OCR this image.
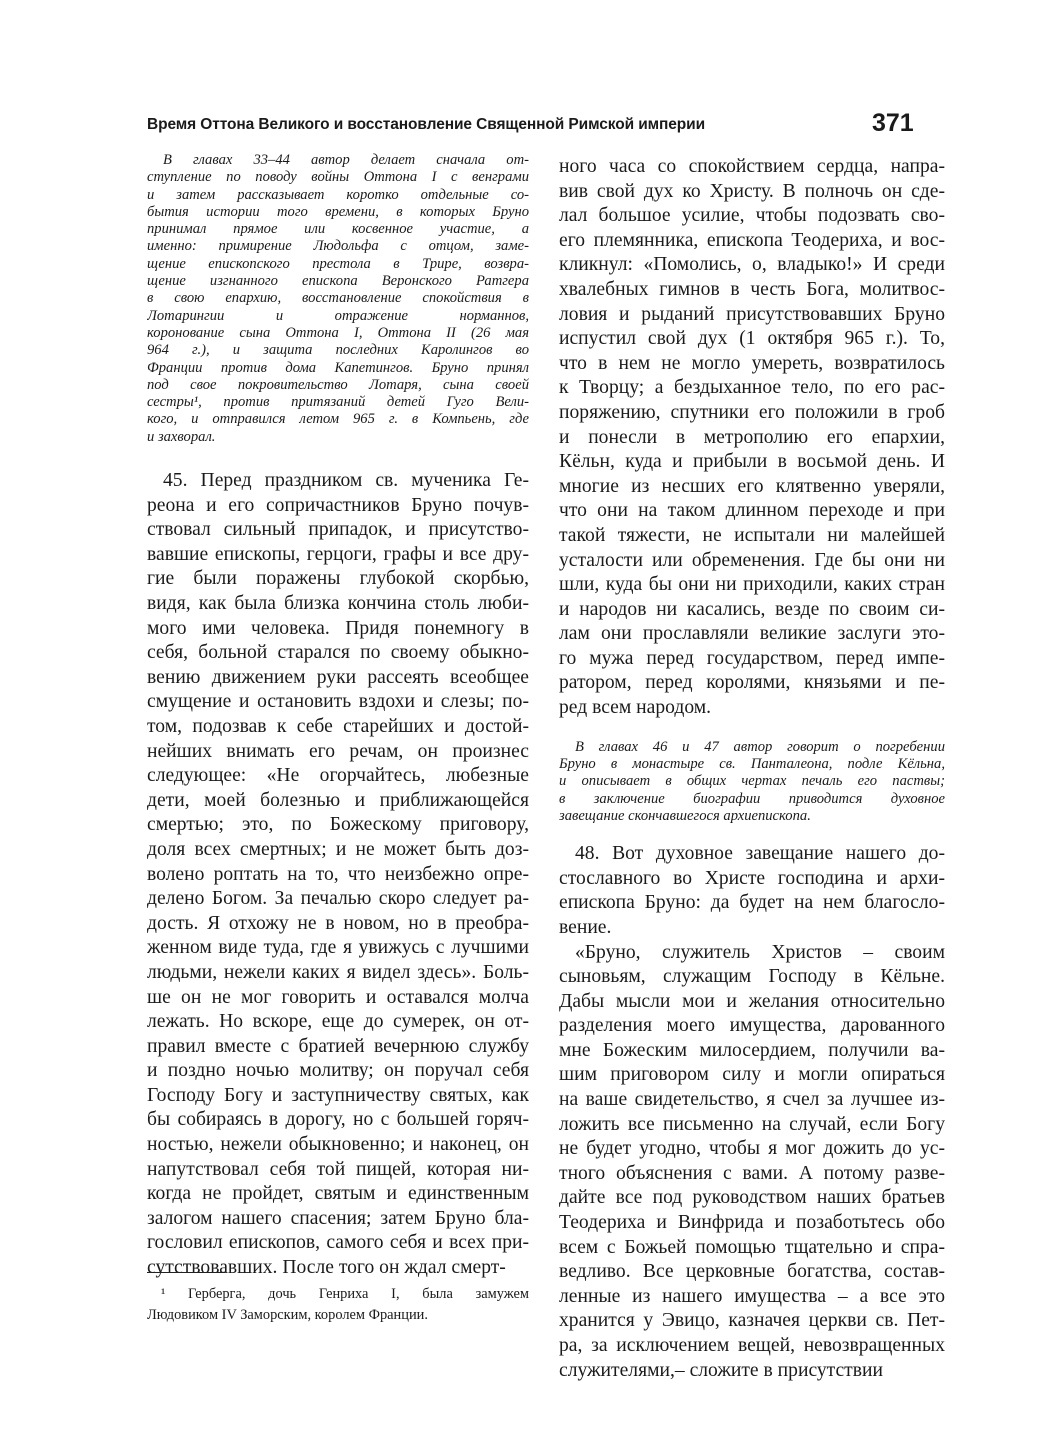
Время Оттона Великого и восстановление Священной Римской империи	371
В главах 33–44 автор делает сначала от-
ступление по поводу войны Оттона I с венграми
и затем рассказывает коротко отдельные со-
бытия истории того времени, в которых Бруно
принимал прямое или косвенное участие, а
именно: примирение Людольфа с отцом, заме-
щение епископского престола в Трире, возвра-
щение изгнанного епископа Веронского Ратгера
в свою епархию, восстановление спокойствия в
Лотарингии и отражение норманнов,
коронование сына Оттона I, Оттона II (26 мая
964 г.), и защита последних Каролингов во
Франции против дома Капетингов. Бруно принял
под свое покровительство Лотаря, сына своей
сестры¹, против притязаний детей Гуго Вели-
кого, и отправился летом 965 г. в Компьень, где
и захворал.
45. Перед праздником св. мученика Ге-
реона и его сопричастников Бруно почув-
ствовал сильный припадок, и присутство-
вавшие епископы, герцоги, графы и все дру-
гие были поражены глубокой скорбью,
видя, как была близка кончина столь люби-
мого ими человека. Придя понемногу в
себя, больной старался по своему обыкно-
вению движением руки рассеять всеобщее
смущение и остановить вздохи и слезы; по-
том, подозвав к себе старейших и достой-
нейших внимать его речам, он произнес
следующее: «Не огорчайтесь, любезные
дети, моей болезнью и приближающейся
смертью; это, по Божескому приговору,
доля всех смертных; и не может быть доз-
волено роптать на то, что неизбежно опре-
делено Богом. За печалью скоро следует ра-
дость. Я отхожу не в новом, но в преобра-
женном виде туда, где я увижусь с лучшими
людьми, нежели каких я видел здесь». Боль-
ше он не мог говорить и оставался молча
лежать. Но вскоре, еще до сумерек, он от-
правил вместе с братией вечернюю службу
и поздно ночью молитву; он поручал себя
Господу Богу и заступничеству святых, как
бы собираясь в дорогу, но с большей горяч-
ностью, нежели обыкновенно; и наконец, он
напутствовал себя той пищей, которая ни-
когда не пройдет, святым и единственным
залогом нашего спасения; затем Бруно бла-
гословил епископов, самого себя и всех при-
сутствовавших. После того он ждал смерт-
ного часа со спокойствием сердца, напра-
вив свой дух ко Христу. В полночь он сде-
лал большое усилие, чтобы подозвать сво-
его племянника, епископа Теодериха, и вос-
кликнул: «Помолись, о, владыко!» И среди
хвалебных гимнов в честь Бога, молитвос-
ловия и рыданий присутствовавших Бруно
испустил свой дух (1 октября 965 г.). То,
что в нем не могло умереть, возвратилось
к Творцу; а бездыханное тело, по его рас-
поряжению, спутники его положили в гроб
и понесли в метрополию его епархии,
Кёльн, куда и прибыли в восьмой день. И
многие из несших его клятвенно уверяли,
что они на таком длинном переходе и при
такой тяжести, не испытали ни малейшей
усталости или обременения. Где бы они ни
шли, куда бы они ни приходили, каких стран
и народов ни касались, везде по своим си-
лам они прославляли великие заслуги это-
го мужа перед государством, перед импе-
ратором, перед королями, князьями и пе-
ред всем народом.
В главах 46 и 47 автор говорит о погребении
Бруно в монастыре св. Панталеона, подле Кёльна,
и описывает в общих чертах печаль его паствы;
в заключение биографии приводится духовное
завещание скончавшегося архиепископа.
48. Вот духовное завещание нашего до-
стославного во Христе господина и архи-
епископа Бруно: да будет на нем благосло-
вение.
«Бруно, служитель Христов – своим
сыновьям, служащим Господу в Кёльне.
Дабы мысли мои и желания относительно
разделения моего имущества, дарованного
мне Божеским милосердием, получили ва-
шим приговором силу и могли опираться
на ваше свидетельство, я счел за лучшее из-
ложить все письменно на случай, если Богу
не будет угодно, чтобы я мог дожить до ус-
тного объяснения с вами. А потому разве-
дайте все под руководством наших братьев
Теодериха и Винфрида и позаботьтесь обо
всем с Божьей помощью тщательно и спра-
ведливо. Все церковные богатства, состав-
ленные из нашего имущества – а все это
хранится у Эвицо, казначея церкви св. Пет-
ра, за исключением вещей, невозвращенных
служителями,– сложите в присутствии
¹ Герберга, дочь Генриха I, была замужем
Людовиком IV Заморским, королем Франции.
